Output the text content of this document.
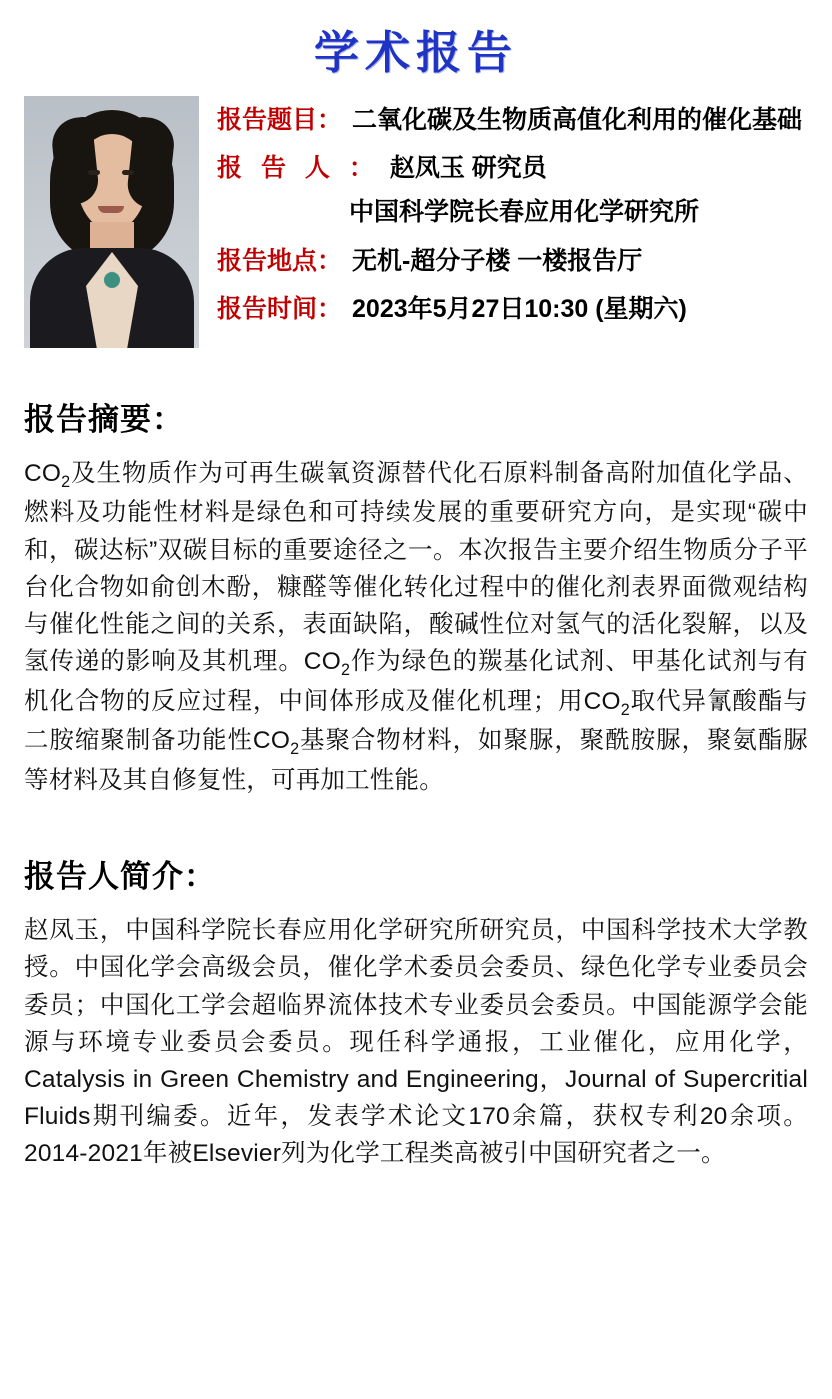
学术报告
报告题目： 二氧化碳及生物质高值化利用的催化基础
报 告 人 ： 赵凤玉 研究员
中国科学院长春应用化学研究所
报告地点： 无机-超分子楼 一楼报告厅
报告时间： 2023年5月27日10:30 (星期六)
报告摘要：
$CO_2$及生物质作为可再生碳氧资源替代化石原料制备高附加值化学品、燃料及功能性材料是绿色和可持续发展的重要研究方向，是实现“碳中和，碳达标”双碳目标的重要途径之一。本次报告主要介绍生物质分子平台化合物如俞创木酚，糠醛等催化转化过程中的催化剂表界面微观结构与催化性能之间的关系，表面缺陷，酸碱性位对氢气的活化裂解，以及氢传递的影响及其机理。$CO_2$作为绿色的羰基化试剂、甲基化试剂与有机化合物的反应过程，中间体形成及催化机理；用$CO_2$取代异氰酸酯与二胺缩聚制备功能性$CO_2$基聚合物材料，如聚脲，聚酰胺脲，聚氨酯脲等材料及其自修复性，可再加工性能。
报告人简介：
赵凤玉，中国科学院长春应用化学研究所研究员，中国科学技术大学教授。中国化学会高级会员，催化学术委员会委员、绿色化学专业委员会委员；中国化工学会超临界流体技术专业委员会委员。中国能源学会能源与环境专业委员会委员。现任科学通报，工业催化，应用化学，Catalysis in Green Chemistry and Engineering，Journal of Supercritial Fluids期刊编委。近年，发表学术论文170余篇，获权专利20余项。2014-2021年被Elsevier列为化学工程类高被引中国研究者之一。
